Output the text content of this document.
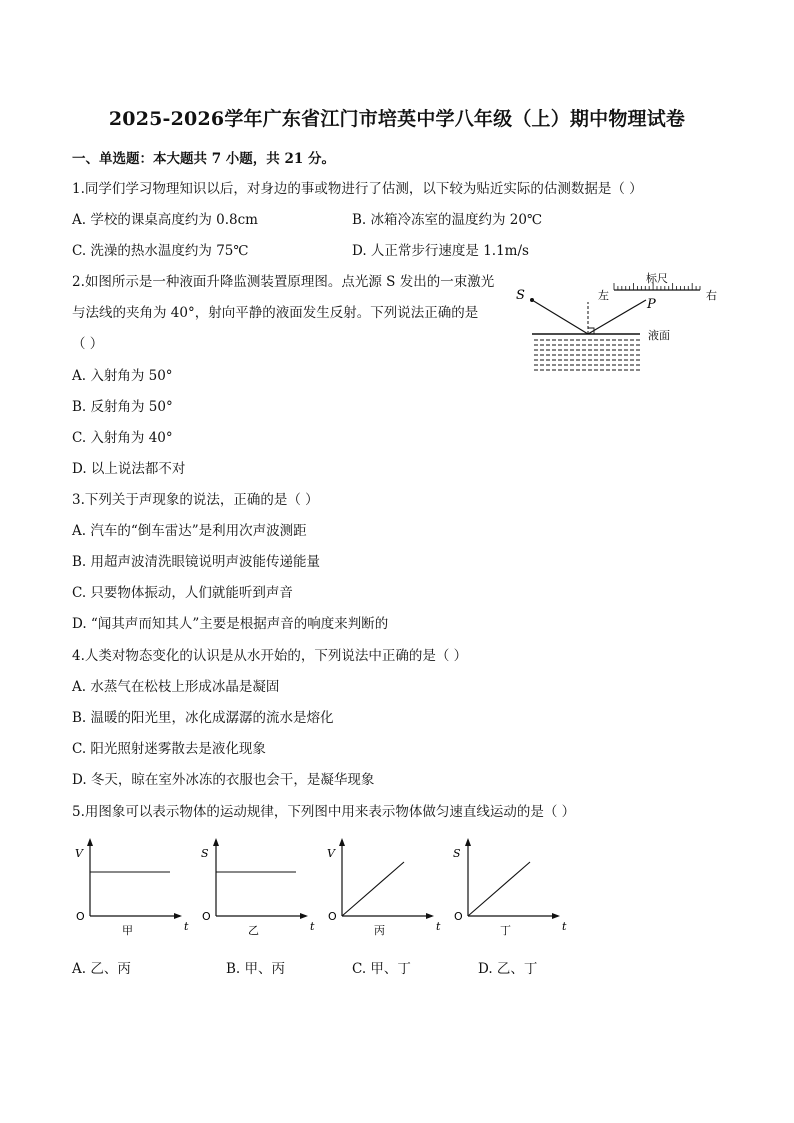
2025-2026学年广东省江门市培英中学八年级（上）期中物理试卷
一、单选题：本大题共 7 小题，共 21 分。
1.同学们学习物理知识以后，对身边的事或物进行了估测，以下较为贴近实际的估测数据是（ ）
A. 学校的课桌高度约为 0.8cm	B. 冰箱冷冻室的温度约为 20℃
C. 洗澡的热水温度约为 75℃	D. 人正常步行速度是 1.1m/s
2.如图所示是一种液面升降监测装置原理图。点光源 S 发出的一束激光
与法线的夹角为 40°，射向平静的液面发生反射。下列说法正确的是
（ ）
A. 入射角为 50°
B. 反射角为 50°
C. 入射角为 40°
D. 以上说法都不对
标尺
左	右
S
P
液面
3.下列关于声现象的说法，正确的是（ ）
A. 汽车的“倒车雷达”是利用次声波测距
B. 用超声波清洗眼镜说明声波能传递能量
C. 只要物体振动，人们就能听到声音
D. “闻其声而知其人”主要是根据声音的响度来判断的
4.人类对物态变化的认识是从水开始的，下列说法中正确的是（ ）
A. 水蒸气在松枝上形成冰晶是凝固
B. 温暖的阳光里，冰化成潺潺的流水是熔化
C. 阳光照射迷雾散去是液化现象
D. 冬天，晾在室外冰冻的衣服也会干，是凝华现象
5.用图象可以表示物体的运动规律，下列图中用来表示物体做匀速直线运动的是（ ）
V
O
t
甲
S
O
t
乙
V
O
t
丙
S
O
t
丁
A. 乙、丙	B. 甲、丙	C. 甲、丁	D. 乙、丁
